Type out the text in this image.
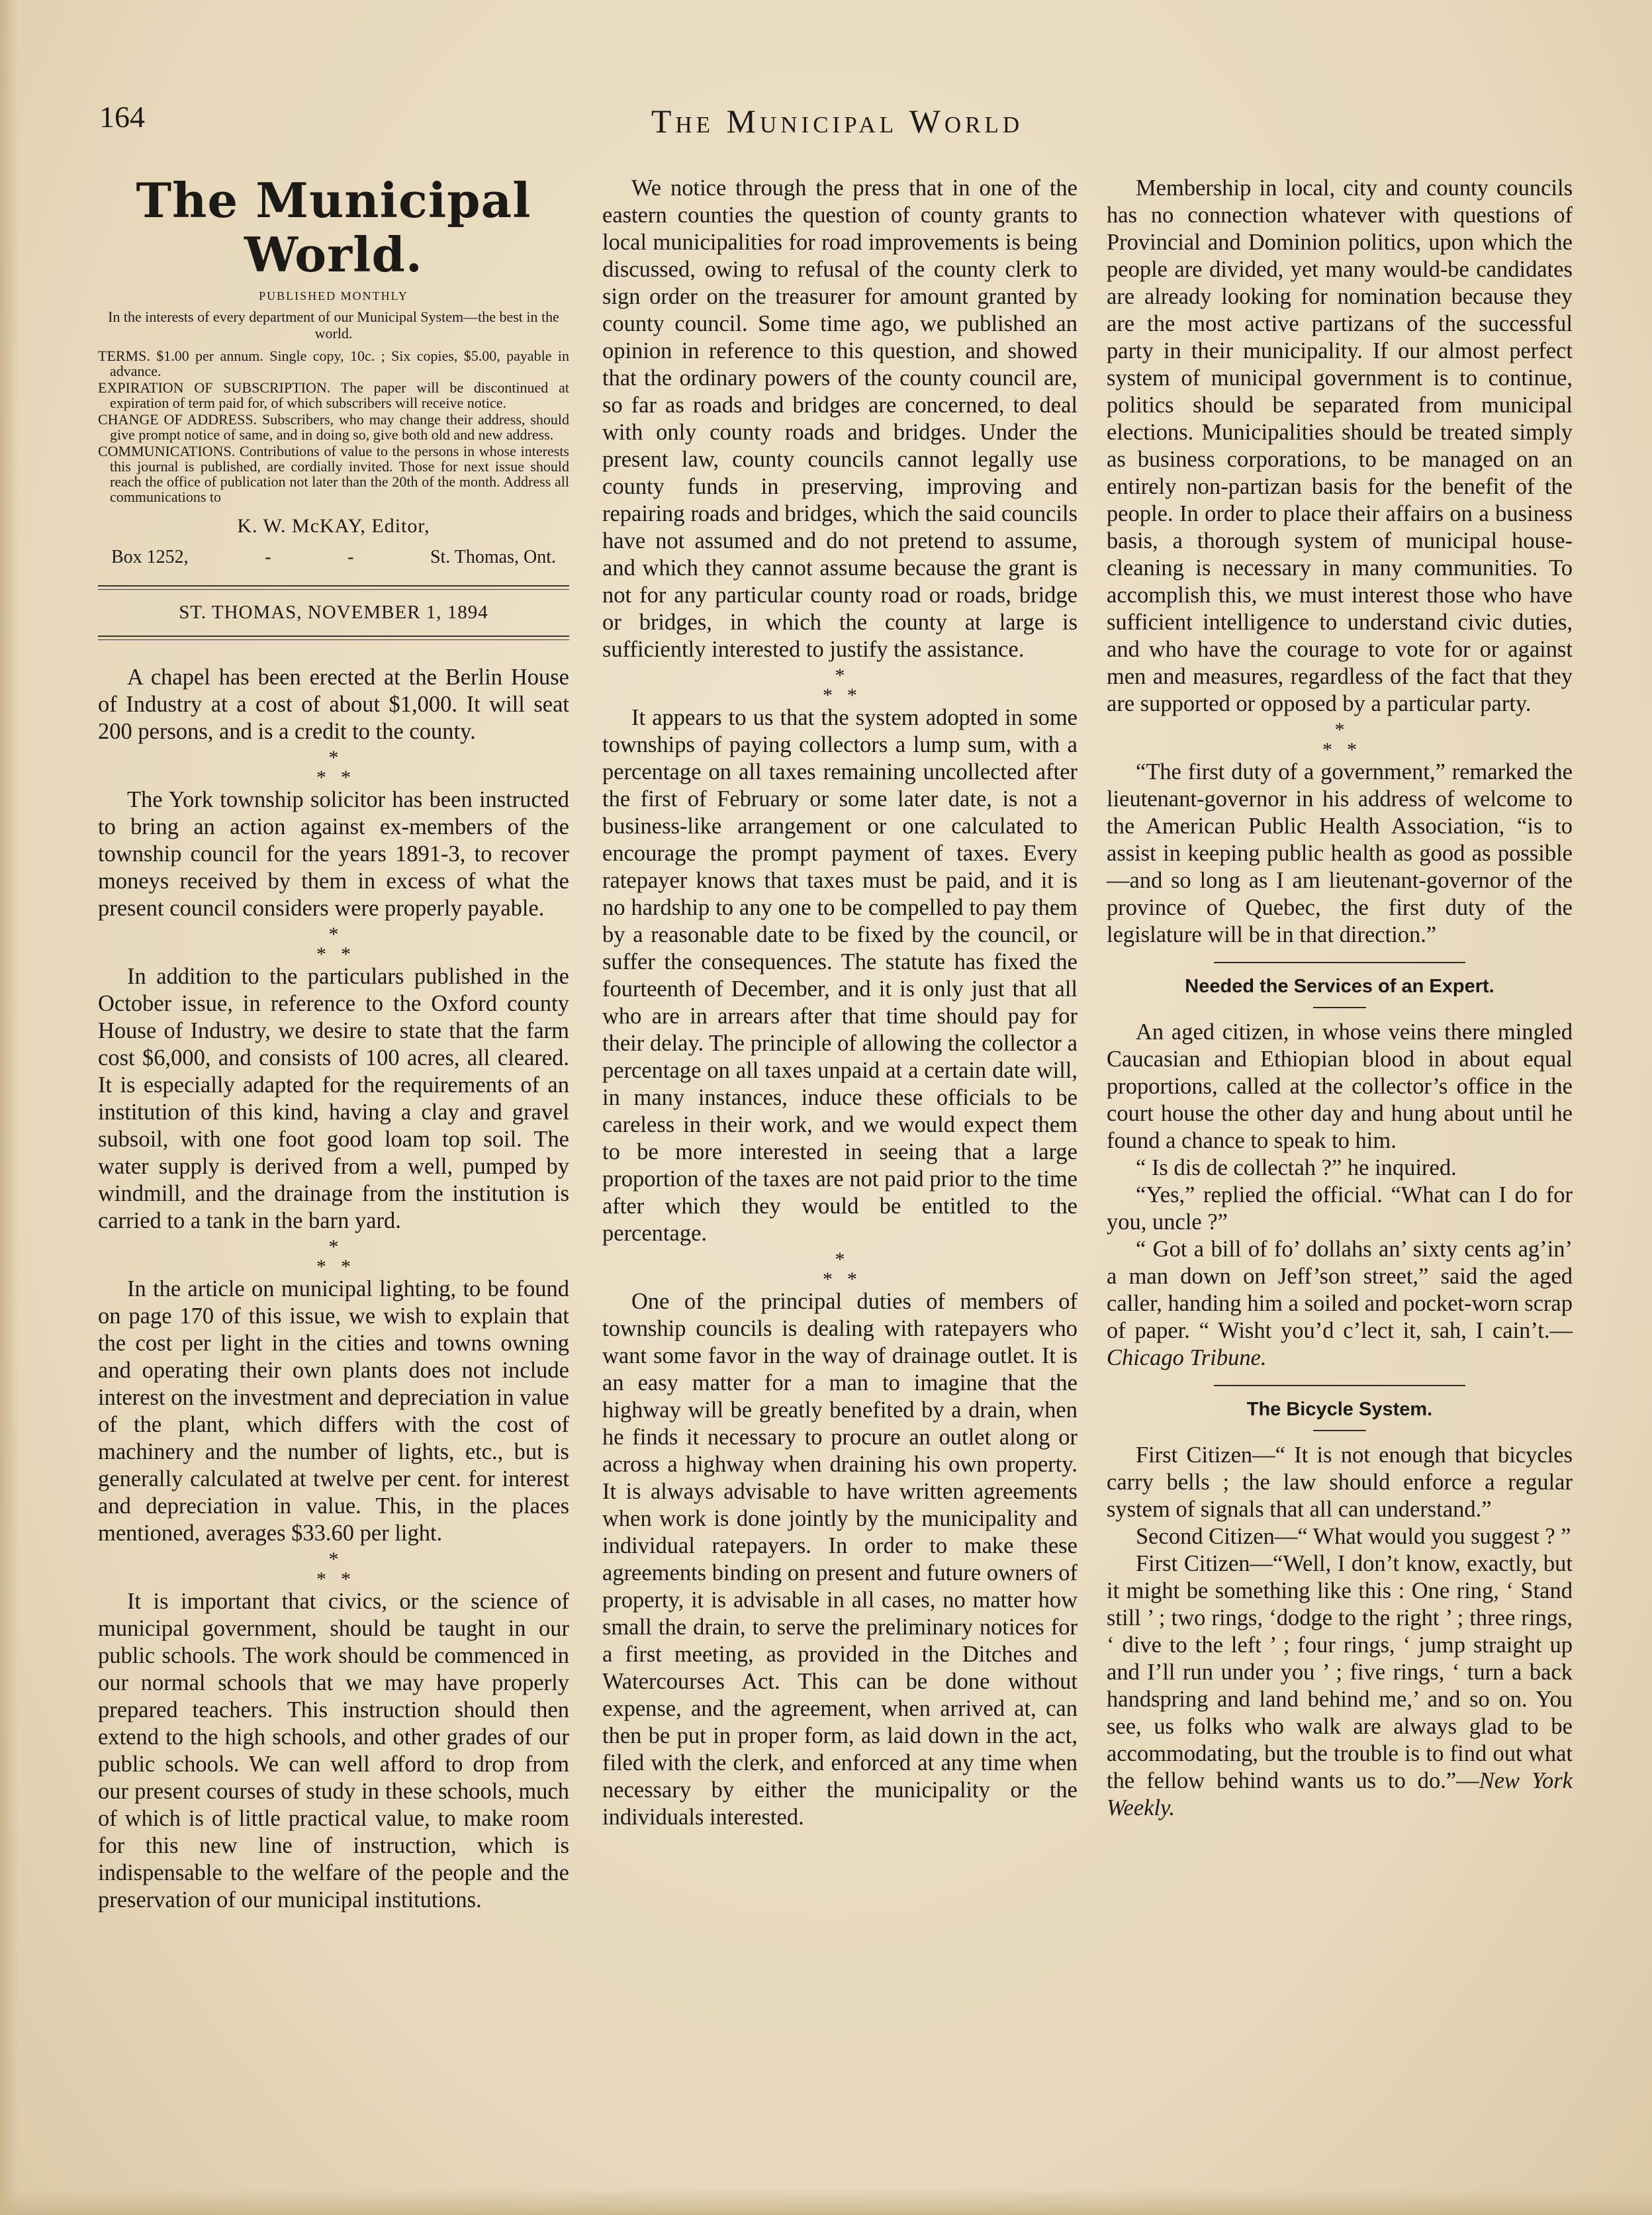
164	The Municipal World
The Municipal World.
PUBLISHED MONTHLY
In the interests of every department of our Municipal System—the best in the world.
TERMS. $1.00 per annum. Single copy, 10c. ; Six copies, $5.00, payable in advance.
EXPIRATION OF SUBSCRIPTION. The paper will be discontinued at expiration of term paid for, of which subscribers will receive notice.
CHANGE OF ADDRESS. Subscribers, who may change their address, should give prompt notice of same, and in doing so, give both old and new address.
COMMUNICATIONS. Contributions of value to the persons in whose interests this journal is published, are cordially invited. Those for next issue should reach the office of publication not later than the 20th of the month. Address all communications to
K. W. McKAY, Editor,
Box 1252,	-	-	St. Thomas, Ont.
ST. THOMAS, NOVEMBER 1, 1894

A chapel has been erected at the Berlin House of Industry at a cost of about $1,000. It will seat 200 persons, and is a credit to the county.

*
**

The York township solicitor has been instructed to bring an action against ex-members of the township council for the years 1891-3, to recover moneys received by them in excess of what the present council considers were properly payable.

*
**

In addition to the particulars published in the October issue, in reference to the Oxford county House of Industry, we desire to state that the farm cost $6,000, and consists of 100 acres, all cleared. It is especially adapted for the requirements of an institution of this kind, having a clay and gravel subsoil, with one foot good loam top soil. The water supply is derived from a well, pumped by windmill, and the drainage from the institution is carried to a tank in the barn yard.

*
**

In the article on municipal lighting, to be found on page 170 of this issue, we wish to explain that the cost per light in the cities and towns owning and operating their own plants does not include interest on the investment and depreciation in value of the plant, which differs with the cost of machinery and the number of lights, etc., but is generally calculated at twelve per cent. for interest and depreciation in value. This, in the places mentioned, averages $33.60 per light.

*
**

It is important that civics, or the science of municipal government, should be taught in our public schools. The work should be commenced in our normal schools that we may have properly prepared teachers. This instruction should then extend to the high schools, and other grades of our public schools. We can well afford to drop from our present courses of study in these schools, much of which is of little practical value, to make room for this new line of instruction, which is indispensable to the welfare of the people and the preservation of our municipal institutions.

We notice through the press that in one of the eastern counties the question of county grants to local municipalities for road improvements is being discussed, owing to refusal of the county clerk to sign order on the treasurer for amount granted by county council. Some time ago, we published an opinion in reference to this question, and showed that the ordinary powers of the county council are, so far as roads and bridges are concerned, to deal with only county roads and bridges. Under the present law, county councils cannot legally use county funds in preserving, improving and repairing roads and bridges, which the said councils have not assumed and do not pretend to assume, and which they cannot assume because the grant is not for any particular county road or roads, bridge or bridges, in which the county at large is sufficiently interested to justify the assistance.

*
**

It appears to us that the system adopted in some townships of paying collectors a lump sum, with a percentage on all taxes remaining uncollected after the first of February or some later date, is not a business-like arrangement or one calculated to encourage the prompt payment of taxes. Every ratepayer knows that taxes must be paid, and it is no hardship to any one to be compelled to pay them by a reasonable date to be fixed by the council, or suffer the consequences. The statute has fixed the fourteenth of December, and it is only just that all who are in arrears after that time should pay for their delay. The principle of allowing the collector a percentage on all taxes unpaid at a certain date will, in many instances, induce these officials to be careless in their work, and we would expect them to be more interested in seeing that a large proportion of the taxes are not paid prior to the time after which they would be entitled to the percentage.

*
**

One of the principal duties of members of township councils is dealing with ratepayers who want some favor in the way of drainage outlet. It is an easy matter for a man to imagine that the highway will be greatly benefited by a drain, when he finds it necessary to procure an outlet along or across a highway when draining his own property. It is always advisable to have written agreements when work is done jointly by the municipality and individual ratepayers. In order to make these agreements binding on present and future owners of property, it is advisable in all cases, no matter how small the drain, to serve the preliminary notices for a first meeting, as provided in the Ditches and Watercourses Act. This can be done without expense, and the agreement, when arrived at, can then be put in proper form, as laid down in the act, filed with the clerk, and enforced at any time when necessary by either the municipality or the individuals interested.

Membership in local, city and county councils has no connection whatever with questions of Provincial and Dominion politics, upon which the people are divided, yet many would-be candidates are already looking for nomination because they are the most active partizans of the successful party in their municipality. If our almost perfect system of municipal government is to continue, politics should be separated from municipal elections. Municipalities should be treated simply as business corporations, to be managed on an entirely non-partizan basis for the benefit of the people. In order to place their affairs on a business basis, a thorough system of municipal house-cleaning is necessary in many communities. To accomplish this, we must interest those who have sufficient intelligence to understand civic duties, and who have the courage to vote for or against men and measures, regardless of the fact that they are supported or opposed by a particular party.

*
**

“The first duty of a government,” remarked the lieutenant-governor in his address of welcome to the American Public Health Association, “is to assist in keeping public health as good as possible —and so long as I am lieutenant-governor of the province of Quebec, the first duty of the legislature will be in that direction.”

Needed the Services of an Expert.

An aged citizen, in whose veins there mingled Caucasian and Ethiopian blood in about equal proportions, called at the collector’s office in the court house the other day and hung about until he found a chance to speak to him.

“ Is dis de collectah ?” he inquired.

“Yes,” replied the official. “What can I do for you, uncle ?”

“ Got a bill of fo’ dollahs an’ sixty cents ag’in’ a man down on Jeff’son street,” said the aged caller, handing him a soiled and pocket-worn scrap of paper. “ Wisht you’d c’lect it, sah, I cain’t.—Chicago Tribune.

The Bicycle System.

First Citizen—“ It is not enough that bicycles carry bells ; the law should enforce a regular system of signals that all can understand.”

Second Citizen—“ What would you suggest ? ”

First Citizen—“Well, I don’t know, exactly, but it might be something like this : One ring, ‘ Stand still ’ ; two rings, ‘dodge to the right ’ ; three rings, ‘ dive to the left ’ ; four rings, ‘ jump straight up and I’ll run under you ’ ; five rings, ‘ turn a back handspring and land behind me,’ and so on. You see, us folks who walk are always glad to be accommodating, but the trouble is to find out what the fellow behind wants us to do.”—New York Weekly.
